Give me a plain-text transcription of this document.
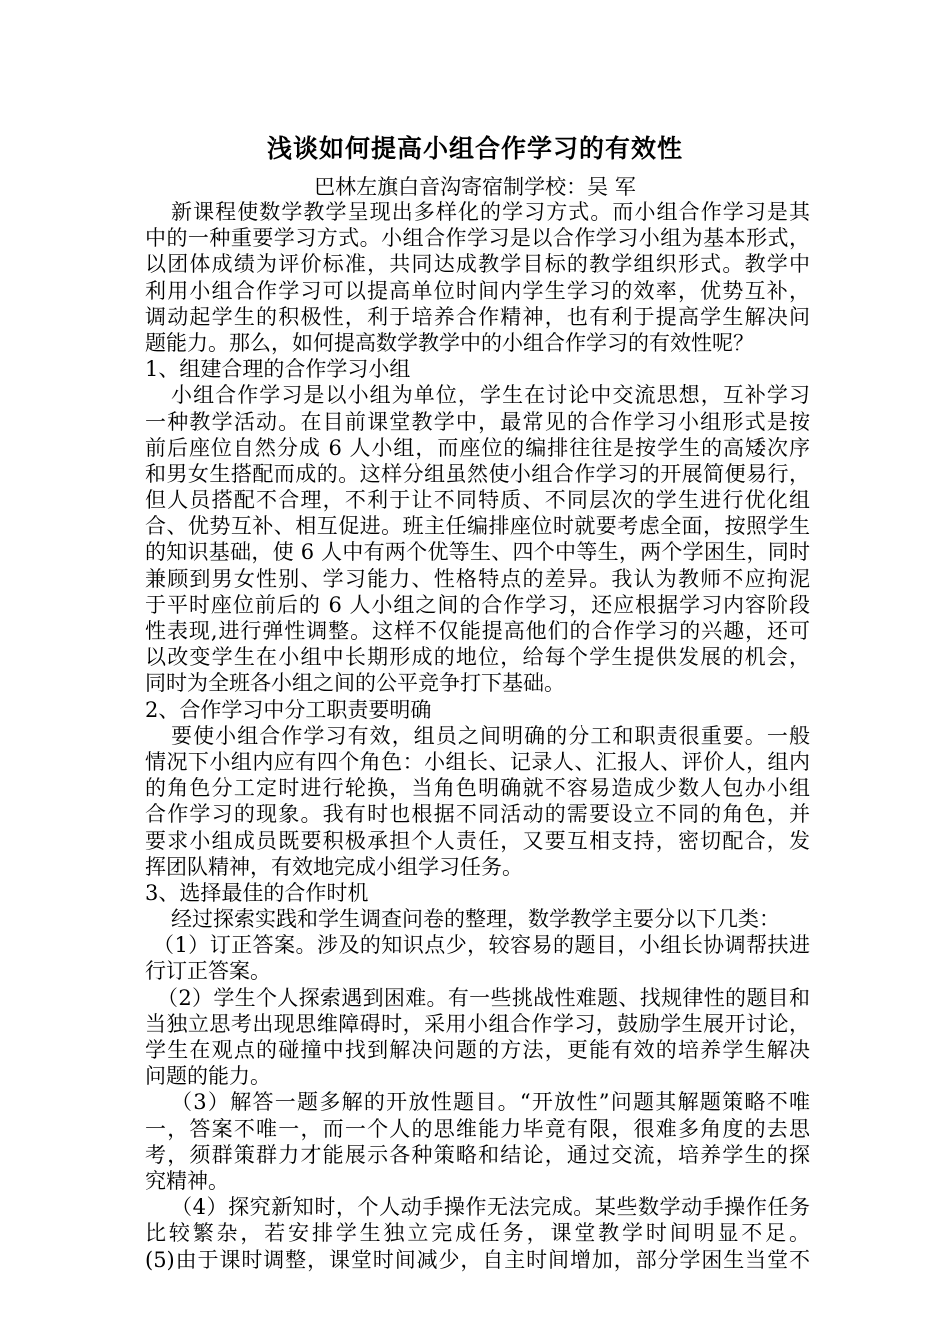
浅谈如何提高小组合作学习的有效性
巴林左旗白音沟寄宿制学校：吴 军
新课程使数学教学呈现出多样化的学习方式。而小组合作学习是其
中的一种重要学习方式。小组合作学习是以合作学习小组为基本形式，
以团体成绩为评价标准，共同达成教学目标的教学组织形式。教学中
利用小组合作学习可以提高单位时间内学生学习的效率，优势互补，
调动起学生的积极性，利于培养合作精神，也有利于提高学生解决问
题能力。那么，如何提高数学教学中的小组合作学习的有效性呢？
1、组建合理的合作学习小组
小组合作学习是以小组为单位，学生在讨论中交流思想，互补学习
一种教学活动。在目前课堂教学中，最常见的合作学习小组形式是按
前后座位自然分成 6 人小组，而座位的编排往往是按学生的高矮次序
和男女生搭配而成的。这样分组虽然使小组合作学习的开展简便易行，
但人员搭配不合理，不利于让不同特质、不同层次的学生进行优化组
合、优势互补、相互促进。班主任编排座位时就要考虑全面，按照学生
的知识基础，使 6 人中有两个优等生、四个中等生，两个学困生，同时
兼顾到男女性别、学习能力、性格特点的差异。我认为教师不应拘泥
于平时座位前后的 6 人小组之间的合作学习，还应根据学习内容阶段
性表现,进行弹性调整。这样不仅能提高他们的合作学习的兴趣，还可
以改变学生在小组中长期形成的地位，给每个学生提供发展的机会，
同时为全班各小组之间的公平竞争打下基础。
2、合作学习中分工职责要明确
要使小组合作学习有效，组员之间明确的分工和职责很重要。一般
情况下小组内应有四个角色：小组长、记录人、汇报人、评价人，组内
的角色分工定时进行轮换，当角色明确就不容易造成少数人包办小组
合作学习的现象。我有时也根据不同活动的需要设立不同的角色，并
要求小组成员既要积极承担个人责任，又要互相支持，密切配合，发
挥团队精神，有效地完成小组学习任务。
3、选择最佳的合作时机
经过探索实践和学生调查问卷的整理，数学教学主要分以下几类：
（1）订正答案。涉及的知识点少，较容易的题目，小组长协调帮扶进
行订正答案。
（2）学生个人探索遇到困难。有一些挑战性难题、找规律性的题目和
当独立思考出现思维障碍时，采用小组合作学习，鼓励学生展开讨论，
学生在观点的碰撞中找到解决问题的方法，更能有效的培养学生解决
问题的能力。
（3）解答一题多解的开放性题目。“开放性”问题其解题策略不唯
一，答案不唯一，而一个人的思维能力毕竟有限，很难多角度的去思
考，须群策群力才能展示各种策略和结论，通过交流，培养学生的探
究精神。
（4）探究新知时，个人动手操作无法完成。某些数学动手操作任务
比较繁杂，若安排学生独立完成任务，课堂教学时间明显不足。
(5)由于课时调整，课堂时间减少，自主时间增加，部分学困生当堂不
